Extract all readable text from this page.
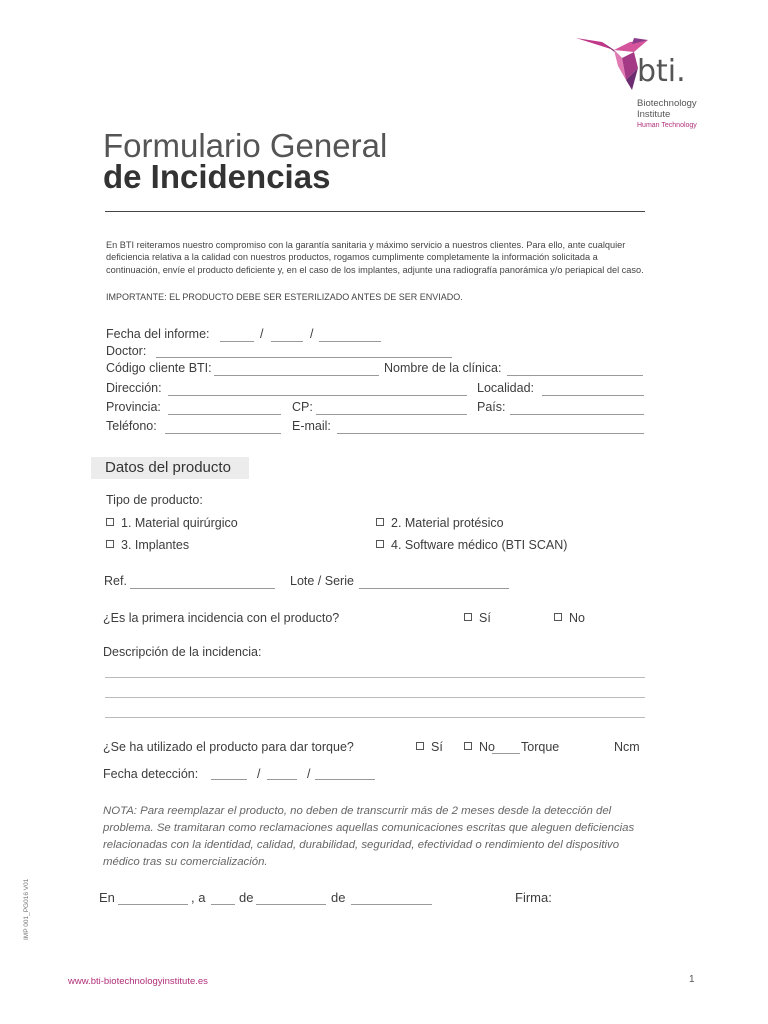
bti.
Biotechnology
Institute
Human Technology
Formulario General
de Incidencias
En BTI reiteramos nuestro compromiso con la garantía sanitaria y máximo servicio a nuestros clientes. Para ello, ante cualquier deficiencia relativa a la calidad con nuestros productos, rogamos cumplimente completamente la información solicitada a continuación, envíe el producto deficiente y, en el caso de los implantes, adjunte una radiografía panorámica y/o periapical del caso.
IMPORTANTE: EL PRODUCTO DEBE SER ESTERILIZADO ANTES DE SER ENVIADO.
Fecha del informe:	/	/
Doctor:
Código cliente BTI:	Nombre de la clínica:
Dirección:	Localidad:
Provincia:	CP:	País:
Teléfono:	E-mail:
Datos del producto
Tipo de producto:
1. Material quirúrgico	2. Material protésico
3. Implantes	4. Software médico (BTI SCAN)
Ref.	Lote / Serie
¿Es la primera incidencia con el producto?	Sí	No
Descripción de la incidencia:
¿Se ha utilizado el producto para dar torque?	Sí	No Torque	Ncm
Fecha detección:	/	/
NOTA: Para reemplazar el producto, no deben de transcurrir más de 2 meses desde la detección del problema. Se tramitaran como reclamaciones aquellas comunicaciones escritas que aleguen deficiencias relacionadas con la identidad, calidad, durabilidad, seguridad, efectividad o rendimiento del dispositivo médico tras su comercialización.
En	, a	de	de	Firma:
IMP 001_PG016 V01
www.bti-biotechnologyinstitute.es	1
